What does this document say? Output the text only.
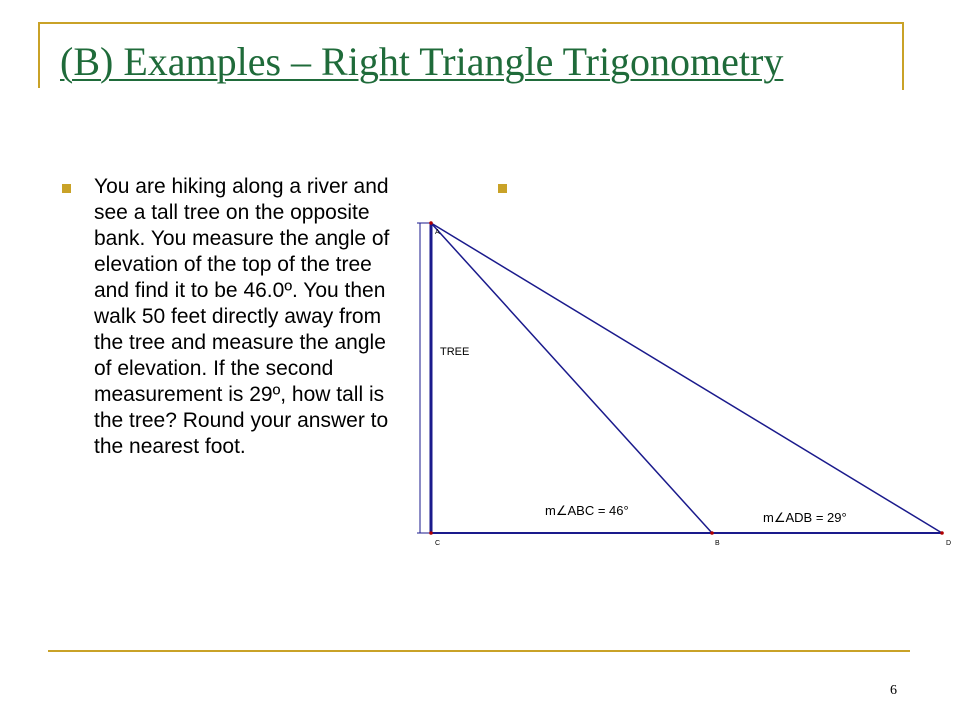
(B) Examples – Right Triangle Trigonometry

You are hiking along a river and see a tall tree on the opposite bank. You measure the angle of elevation of the top of the tree and find it to be 46.0º. You then walk 50 feet directly away from the tree and measure the angle of elevation. If the second measurement is 29º, how tall is the tree? Round your answer to the nearest foot.

A
C	B	D
TREE
m∠ABC = 46°	m∠ADB = 29°

6
